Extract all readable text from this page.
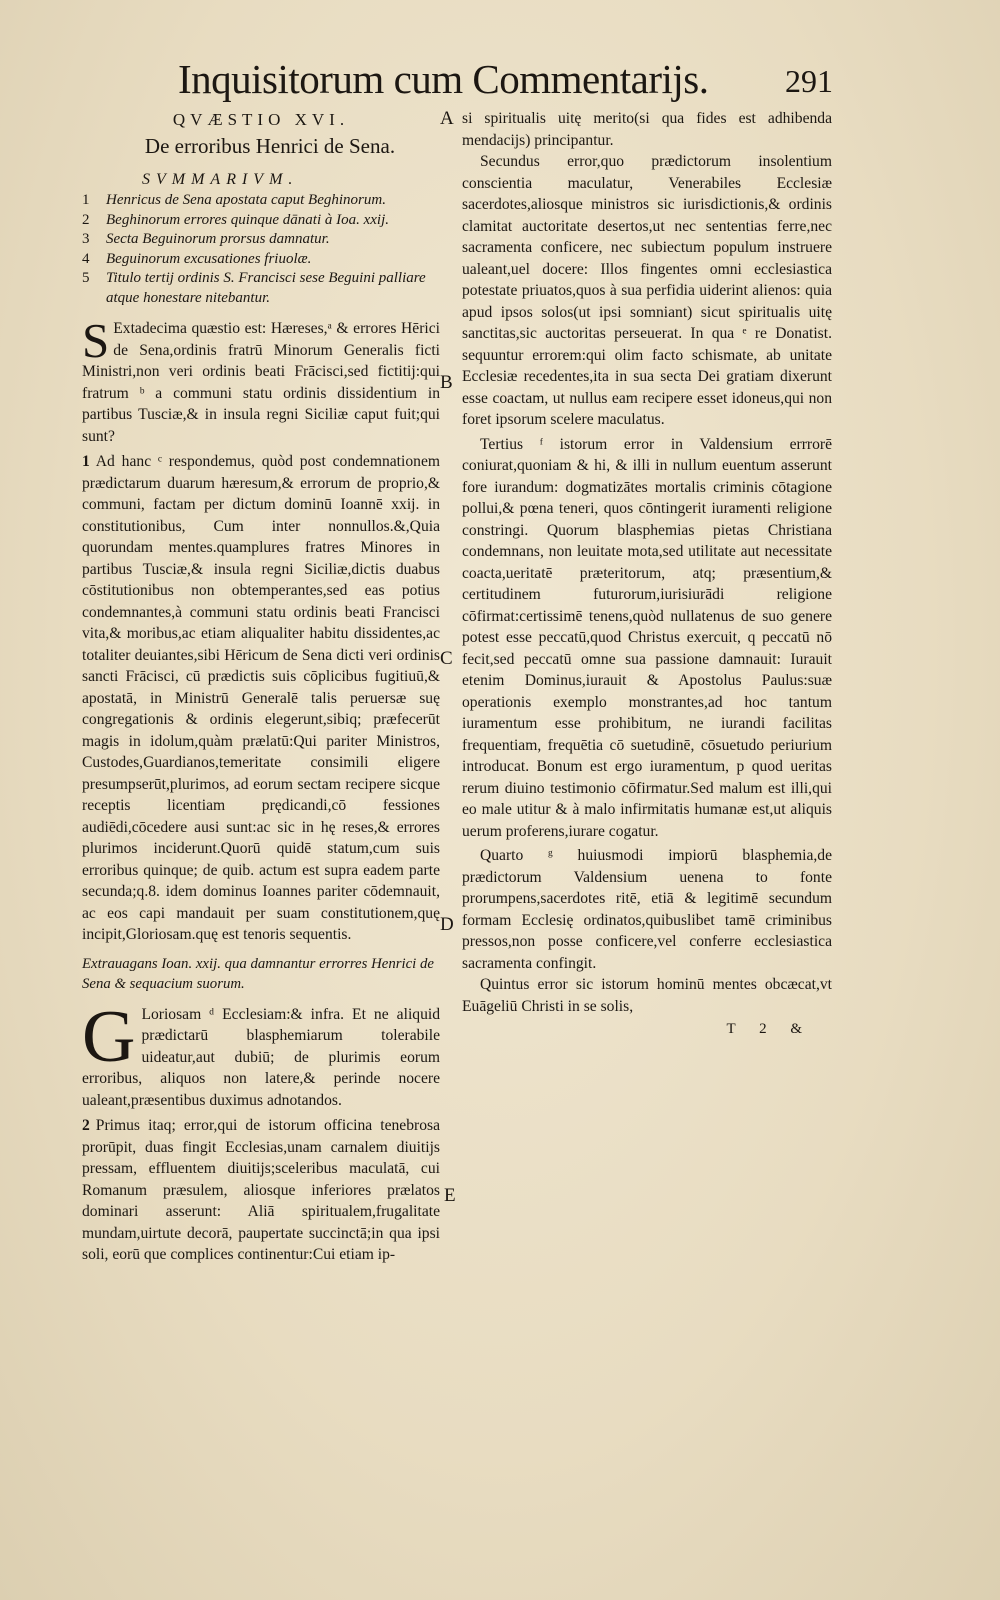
Inquisitorum cum Commentarijs. 291
A
B
C
D
E
QVÆSTIO XVI.
De erroribus Henrici de Sena.
SVMMARIVM.
1 Henricus de Sena apostata caput Beghinorum.
2 Beghinorum errores quinque dānati à Ioa. xxij.
3 Secta Beguinorum prorsus damnatur.
4 Beguinorum excusationes friuolæ.
5 Titulo tertij ordinis S. Francisci sese Beguini palliare atque honestare nitebantur.

S Extadecima quæstio est: Hæreses,ᵃ & errores Hērici de Sena,ordinis fratrū Minorum Generalis ficti Ministri,non veri ordinis beati Frācisci,sed fictitij:qui fratrum ᵇ a communi statu ordinis dissidentium in partibus Tusciæ,& in insula regni Siciliæ caput fuit;qui sunt?

1 Ad hanc ᶜ respondemus, quòd post condemnationem prædictarum duarum hæresum,& errorum de proprio,& communi, factam per dictum dominū Ioannē xxij. in constitutionibus, Cum inter nonnullos.&,Quia quorundam mentes.quamplures fratres Minores in partibus Tusciæ,& insula regni Siciliæ,dictis duabus cōstitutionibus non obtemperantes,sed eas potius condemnantes,à communi statu ordinis beati Francisci vita,& moribus,ac etiam aliqualiter habitu dissidentes,ac totaliter deuiantes,sibi Hēricum de Sena dicti veri ordinis sancti Frācisci, cū prædictis suis cōplicibus fugitiuū,& apostatā, in Ministrū Generalē talis peruersæ suę congregationis & ordinis elegerunt,sibiq; præfecerūt magis in idolum,quàm prælatū:Qui pariter Ministros, Custodes,Guardianos,temeritate consimili eligere presumpserūt,plurimos, ad eorum sectam recipere sicque receptis licentiam prędicandi,cō fessiones audiēdi,cōcedere ausi sunt:ac sic in hę reses,& errores plurimos inciderunt.Quorū quidē statum,cum suis erroribus quinque; de quib. actum est supra eadem parte secunda;q.8. idem dominus Ioannes pariter cōdemnauit, ac eos capi mandauit per suam constitutionem,quę incipit,Gloriosam.quę est tenoris sequentis.

Extrauagans Ioan. xxij. qua damnantur errorres Henrici de Sena & sequacium suorum.

G Loriosam ᵈ Ecclesiam:& infra. Et ne aliquid prædictarū blasphemiarum tolerabile uideatur,aut dubiū; de plurimis eorum erroribus, aliquos non latere,& perinde nocere ualeant,præsentibus duximus adnotandos.

2 Primus itaq; error,qui de istorum officina tenebrosa prorūpit, duas fingit Ecclesias,unam carnalem diuitijs pressam, effluentem diuitijs;sceleribus maculatā, cui Romanum præsulem, aliosque inferiores prælatos dominari asserunt: Aliā spiritualem,frugalitate mundam,uirtute decorā, paupertate succinctā;in qua ipsi soli, eorū que complices continentur:Cui etiam ip-

si spiritualis uitę merito(si qua fides est adhibenda mendacijs) principantur.

Secundus error,quo prædictorum insolentium conscientia maculatur, Venerabiles Ecclesiæ sacerdotes,aliosque ministros sic iurisdictionis,& ordinis clamitat auctoritate desertos,ut nec sententias ferre,nec sacramenta conficere, nec subiectum populum instruere ualeant,uel docere: Illos fingentes omni ecclesiastica potestate priuatos,quos à sua perfidia uiderint alienos: quia apud ipsos solos(ut ipsi somniant) sicut spiritualis uitę sanctitas,sic auctoritas perseuerat. In qua ᵉ re Donatist. sequuntur errorem:qui olim facto schismate, ab unitate Ecclesiæ recedentes,ita in sua secta Dei gratiam dixerunt esse coactam, ut nullus eam recipere esset idoneus,qui non foret ipsorum scelere maculatus.

Tertius ᶠ istorum error in Valdensium errrorē coniurat,quoniam & hi, & illi in nullum euentum asserunt fore iurandum: dogmatizātes mortalis criminis cōtagione pollui,& pœna teneri, quos cōntingerit iuramenti religione constringi. Quorum blasphemias pietas Christiana condemnans, non leuitate mota,sed utilitate aut necessitate coacta,ueritatē præteritorum, atq; præsentium,& certitudinem futurorum,iurisiurādi religione cōfirmat:certissimē tenens,quòd nullatenus de suo genere potest esse peccatū,quod Christus exercuit, q peccatū nō fecit,sed peccatū omne sua passione damnauit: Iurauit etenim Dominus,iurauit & Apostolus Paulus:suæ operationis exemplo monstrantes,ad hoc tantum iuramentum esse prohibitum, ne iurandi facilitas frequentiam, frequētia cō suetudinē, cōsuetudo periurium introducat. Bonum est ergo iuramentum, p quod ueritas rerum diuino testimonio cōfirmatur.Sed malum est illi,qui eo male utitur & à malo infirmitatis humanæ est,ut aliquis uerum proferens,iurare cogatur.

Quarto ᵍ huiusmodi impiorū blasphemia,de prædictorum Valdensium uenena to fonte prorumpens,sacerdotes ritē, etiā & legitimē secundum formam Ecclesię ordinatos,quibuslibet tamē criminibus pressos,non posse conficere,vel conferre ecclesiastica sacramenta confingit.

Quintus error sic istorum hominū mentes obcæcat,vt Euāgeliū Christi in se solis,

T 2 &
